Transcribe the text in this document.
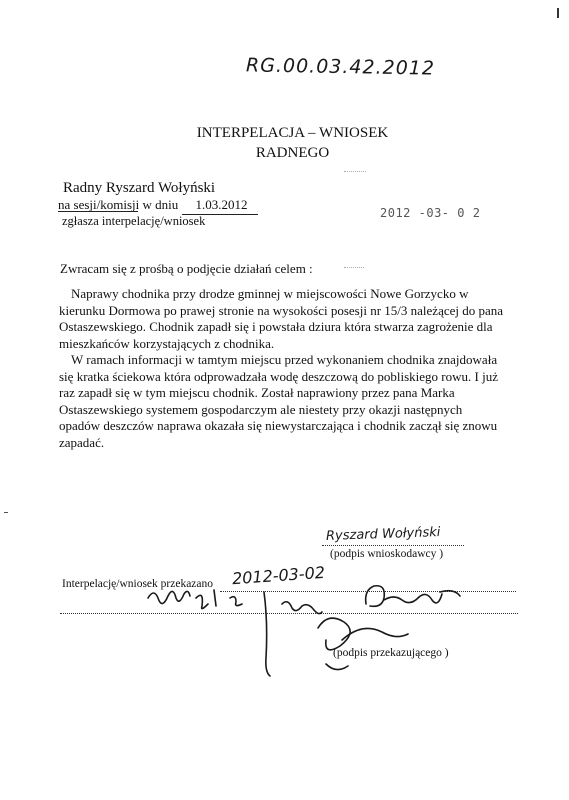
RG.00.03.42.2012
INTERPELACJA – WNIOSEK
RADNEGO
Radny Ryszard Wołyński
na sesji/komisji w dniu 1.03.2012
zgłasza interpelację/wniosek
2012 -03- 0 2
Zwracam się z prośbą o podjęcie działań celem :
Naprawy chodnika przy drodze gminnej w miejscowości Nowe Gorzycko w
kierunku Dormowa po prawej stronie na wysokości posesji nr 15/3 należącej do pana
Ostaszewskiego. Chodnik zapadł się i powstała dziura która stwarza zagrożenie dla
mieszkańców korzystających z chodnika.
W ramach informacji w tamtym miejscu przed wykonaniem chodnika znajdowała
się kratka ściekowa która odprowadzała wodę deszczową do pobliskiego rowu. I już
raz zapadł się w tym miejscu chodnik. Został naprawiony przez pana Marka
Ostaszewskiego systemem gospodarczym ale niestety przy okazji następnych
opadów deszczów naprawa okazała się niewystarczająca i chodnik zaczął się znowu
zapadać.
Ryszard Wołyński
(podpis wnioskodawcy )
Interpelację/wniosek przekazano 2012-03-02
(podpis przekazującego )
